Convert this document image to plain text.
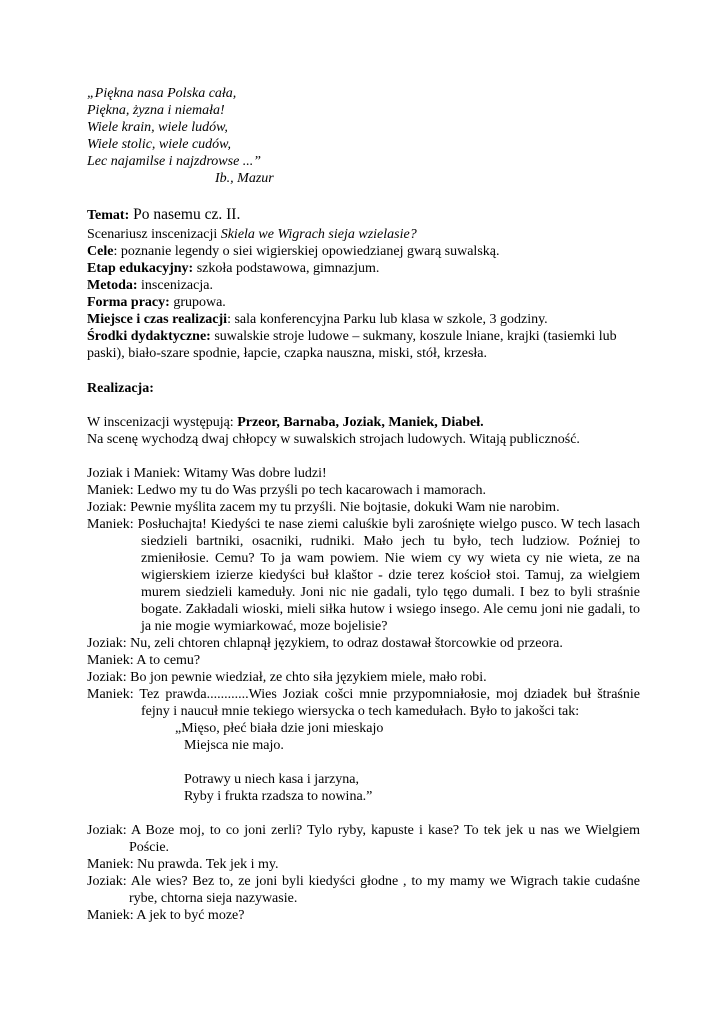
„Piękna nasa Polska cała,
Piękna, żyzna i niemała!
Wiele krain, wiele ludów,
Wiele stolic, wiele cudów,
Lec najamilse i najzdrowse ...”
Ib., Mazur
Temat: Po nasemu cz. II.
Scenariusz inscenizacji Skiela we Wigrach sieja wzielasie?
Cele: poznanie legendy o siei wigierskiej opowiedzianej gwarą suwalską.
Etap edukacyjny: szkoła podstawowa, gimnazjum.
Metoda: inscenizacja.
Forma pracy: grupowa.
Miejsce i czas realizacji: sala konferencyjna Parku lub klasa w szkole, 3 godziny.
Środki dydaktyczne: suwalskie stroje ludowe – sukmany, koszule lniane, krajki (tasiemki lub paski), biało-szare spodnie, łapcie, czapka nauszna, miski, stół, krzesła.
Realizacja:
W inscenizacji występują: Przeor, Barnaba, Joziak, Maniek, Diabeł.
Na scenę wychodzą dwaj chłopcy w suwalskich strojach ludowych. Witają publiczność.
Joziak i Maniek: Witamy Was dobre ludzi!
Maniek: Ledwo my tu do Was przyśli po tech kacarowach i mamorach.
Joziak: Pewnie myślita zacem my tu przyśli. Nie bojtasie, dokuki Wam nie narobim.
Maniek: Posłuchajta! Kiedyści te nase ziemi caluśkie byli zarośnięte wielgo pusco. W tech lasach siedzieli bartniki, osacniki, rudniki. Mało jech tu było, tech ludziow. Poźniej to zmieniłosie. Cemu? To ja wam powiem. Nie wiem cy wy wieta cy nie wieta, ze na wigierskiem izierze kiedyści buł klaštor - dzie terez kościoł stoi. Tamuj, za wielgiem murem siedzieli kameduły. Joni nic nie gadali, tylo tęgo dumali. I bez to byli straśnie bogate. Zakładali wioski, mieli siłka hutow i wsiego insego. Ale cemu joni nie gadali, to ja nie mogie wymiarkować, moze bojelisie?
Joziak: Nu, zeli chtoren chlapnął językiem, to odraz dostawał štorcowkie od przeora.
Maniek: A to cemu?
Joziak: Bo jon pewnie wiedział, ze chto siła językiem miele, mało robi.
Maniek: Tez prawda............Wies Joziak cošci mnie przypomniałosie, moj dziadek buł štraśnie fejny i naucuł mnie tekiego wiersycka o tech kamedułach. Było to jakošci tak:
„Mięso, płeć biała dzie joni mieskajo
Miejsca nie majo.
Potrawy u niech kasa i jarzyna,
Ryby i frukta rzadsza to nowina.”
Joziak: A Boze moj, to co joni zerli? Tylo ryby, kapuste i kase? To tek jek u nas we Wielgiem Poście.
Maniek: Nu prawda. Tek jek i my.
Joziak: Ale wies? Bez to, ze joni byli kiedyści głodne , to my mamy we Wigrach takie cudaśne rybe, chtorna sieja nazywasie.
Maniek: A jek to być moze?
